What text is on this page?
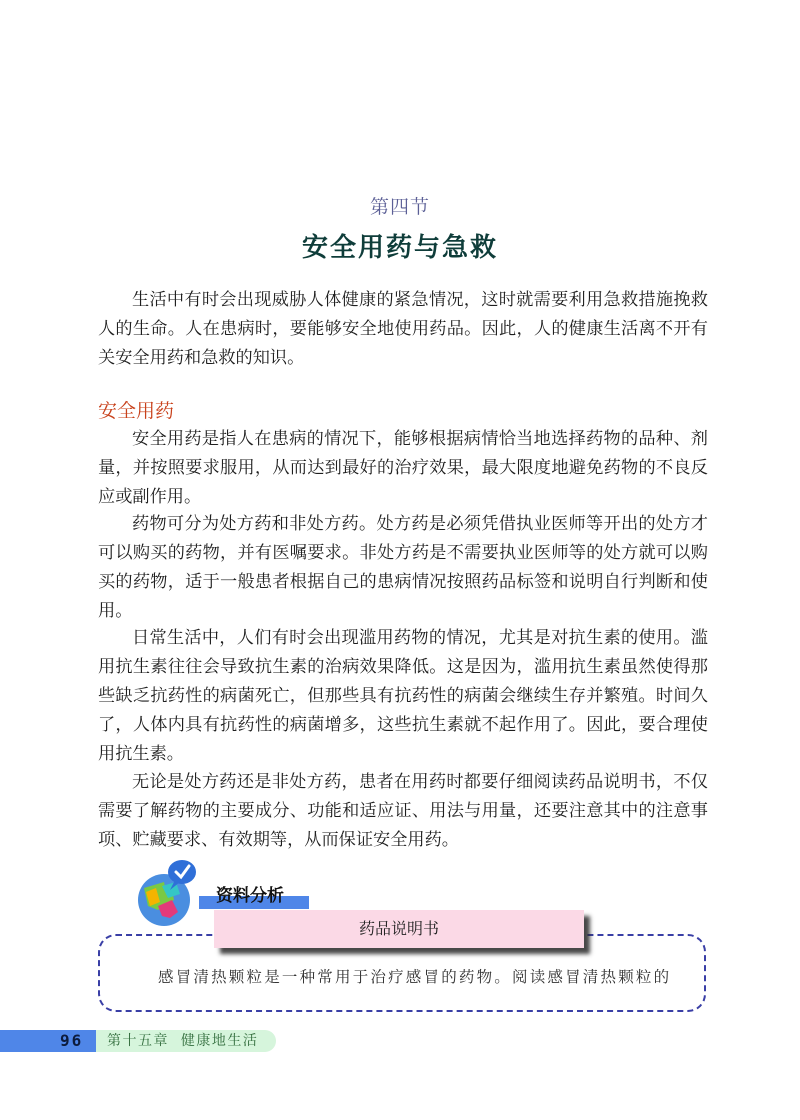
第四节
安全用药与急救

生活中有时会出现威胁人体健康的紧急情况，这时就需要利用急救措施挽救人的生命。人在患病时，要能够安全地使用药品。因此，人的健康生活离不开有关安全用药和急救的知识。

安全用药

安全用药是指人在患病的情况下，能够根据病情恰当地选择药物的品种、剂量，并按照要求服用，从而达到最好的治疗效果，最大限度地避免药物的不良反应或副作用。

药物可分为处方药和非处方药。处方药是必须凭借执业医师等开出的处方才可以购买的药物，并有医嘱要求。非处方药是不需要执业医师等的处方就可以购买的药物，适于一般患者根据自己的患病情况按照药品标签和说明自行判断和使用。

日常生活中，人们有时会出现滥用药物的情况，尤其是对抗生素的使用。滥用抗生素往往会导致抗生素的治病效果降低。这是因为，滥用抗生素虽然使得那些缺乏抗药性的病菌死亡，但那些具有抗药性的病菌会继续生存并繁殖。时间久了，人体内具有抗药性的病菌增多，这些抗生素就不起作用了。因此，要合理使用抗生素。

无论是处方药还是非处方药，患者在用药时都要仔细阅读药品说明书，不仅需要了解药物的主要成分、功能和适应证、用法与用量，还要注意其中的注意事项、贮藏要求、有效期等，从而保证安全用药。

资料分析
药品说明书
感冒清热颗粒是一种常用于治疗感冒的药物。阅读感冒清热颗粒的
96	第十五章  健康地生活
